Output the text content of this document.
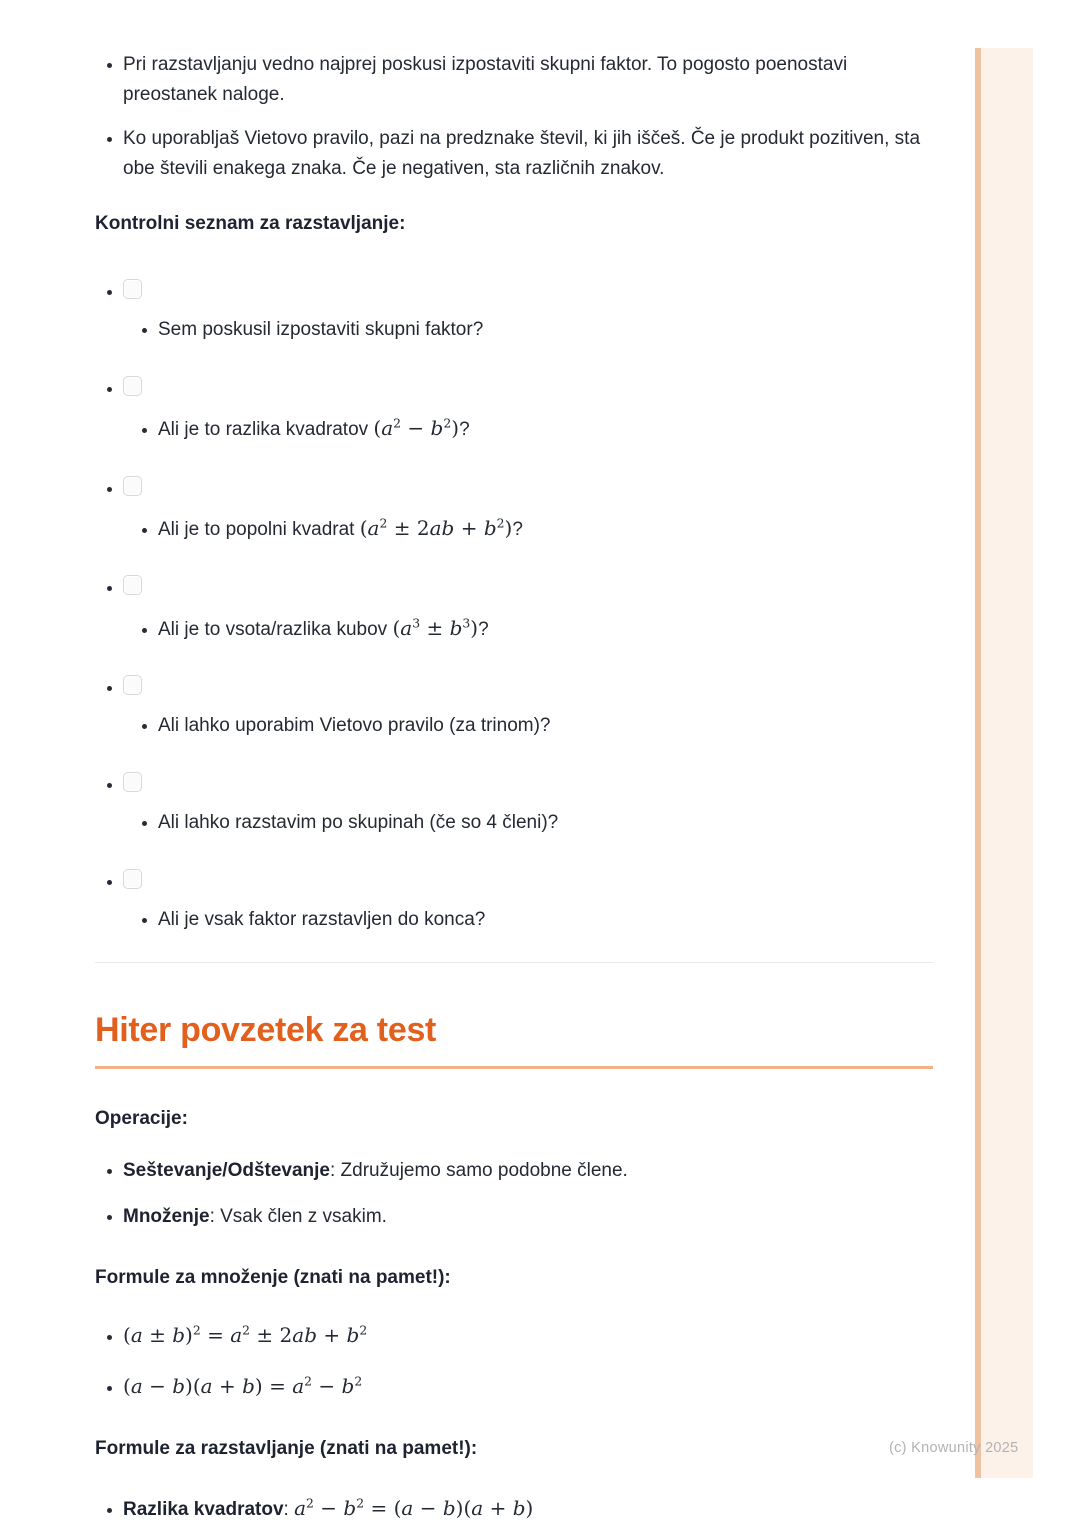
(c) Knowunity 2025
• Pri razstavljanju vedno najprej poskusi izpostaviti skupni faktor. To pogosto poenostavi preostanek naloge.
• Ko uporabljaš Vietovo pravilo, pazi na predznake števil, ki jih iščeš. Če je produkt pozitiven, sta obe števili enakega znaka. Če je negativen, sta različnih znakov.

Kontrolni seznam za razstavljanje:

• • Sem poskusil izpostaviti skupni faktor?
• • Ali je to razlika kvadratov $(a^2 - b^2)$?
• • Ali je to popolni kvadrat $(a^2 \pm 2ab + b^2)$?
• • Ali je to vsota/razlika kubov $(a^3 \pm b^3)$?
• • Ali lahko uporabim Vietovo pravilo (za trinom)?
• • Ali lahko razstavim po skupinah (če so 4 členi)?
• • Ali je vsak faktor razstavljen do konca?
Hiter povzetek za test

Operacije:

• Seštevanje/Odštevanje: Združujemo samo podobne člene.
• Množenje: Vsak člen z vsakim.

Formule za množenje (znati na pamet!):

• $(a \pm b)^2 = a^2 \pm 2ab + b^2$
• $(a - b)(a + b) = a^2 - b^2$

Formule za razstavljanje (znati na pamet!):

• Razlika kvadratov: $a^2 - b^2 = (a - b)(a + b)$
